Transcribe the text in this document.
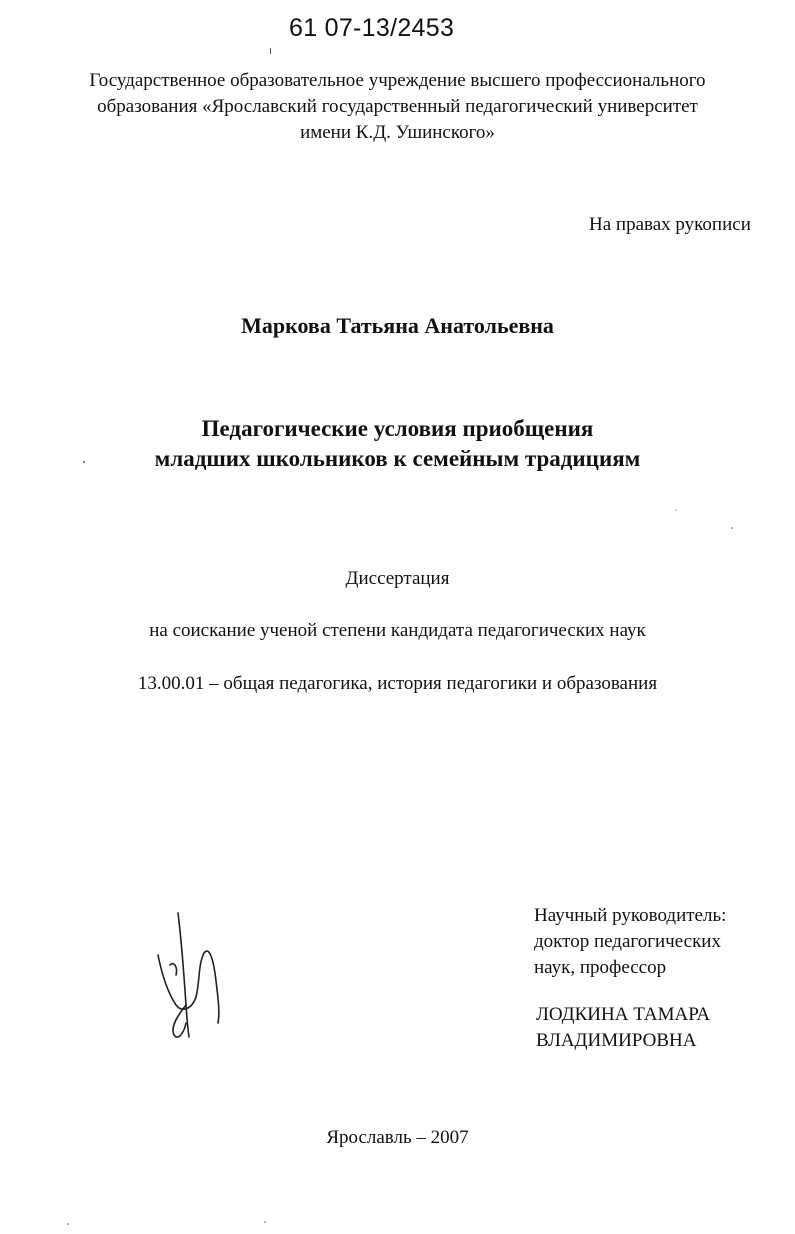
61 07-13/2453
Государственное образовательное учреждение высшего профессионального
образования «Ярославский государственный педагогический университет
имени К.Д. Ушинского»
На правах рукописи
Маркова Татьяна Анатольевна
Педагогические условия приобщения
младших школьников к семейным традициям
Диссертация
на соискание ученой степени кандидата педагогических наук
13.00.01 – общая педагогика, история педагогики и образования
Научный руководитель:
доктор педагогических
наук, профессор
ЛОДКИНА ТАМАРА
ВЛАДИМИРОВНА
Ярославль – 2007
